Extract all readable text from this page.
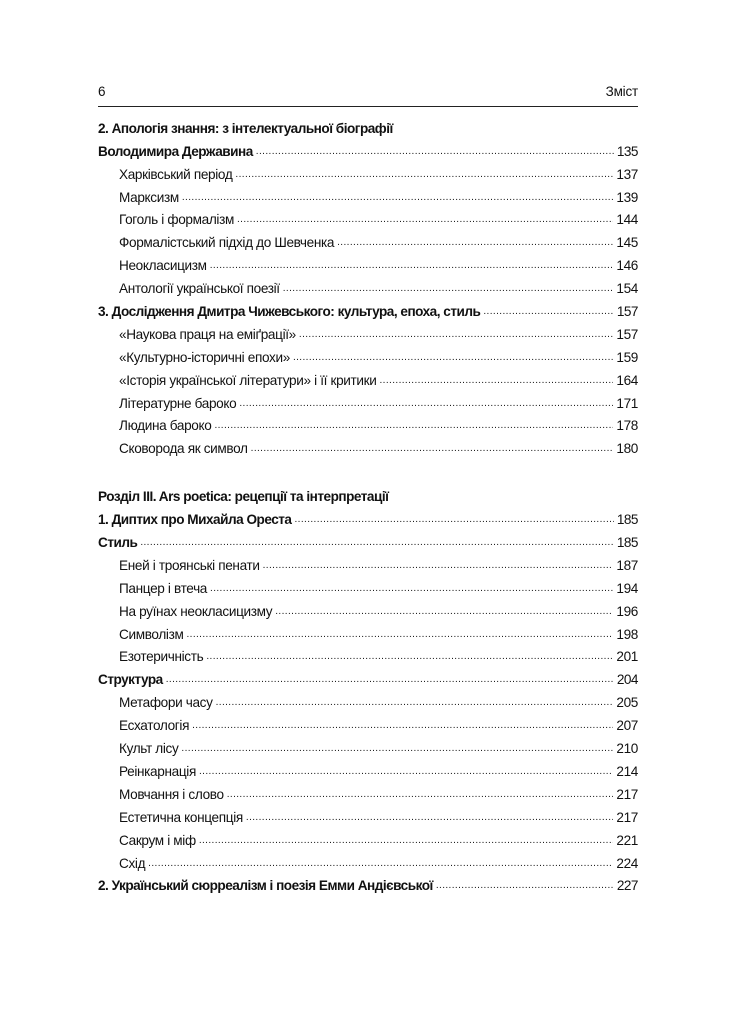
6	Зміст
2. Апологія знання: з інтелектуальної біографії
Володимира Державина .....	135
Харківський період .....	137
Марксизм .....	139
Гоголь і формалізм .....	144
Формалістський підхід до Шевченка .....	145
Неокласицизм .....	146
Антології української поезії .....	154
3. Дослідження Дмитра Чижевського: культура, епоха, стиль .....	157
«Наукова праця на еміґрації» .....	157
«Культурно-історичні епохи» .....	159
«Історія української літератури» і її критики .....	164
Літературне бароко .....	171
Людина бароко .....	178
Сковорода як символ .....	180
Розділ III. Ars poetica: рецепції та інтерпретації
1. Диптих про Михайла Ореста .....	185
Стиль .....	185
Еней і троянські пенати .....	187
Панцер і втеча .....	194
На руїнах неокласицизму .....	196
Символізм .....	198
Езотеричність .....	201
Структура .....	204
Метафори часу .....	205
Есхатологія .....	207
Культ лісу .....	210
Реінкарнація .....	214
Мовчання і слово .....	217
Естетична концепція .....	217
Сакрум і міф .....	221
Схід .....	224
2. Український сюрреалізм і поезія Емми Андієвської .....	227
